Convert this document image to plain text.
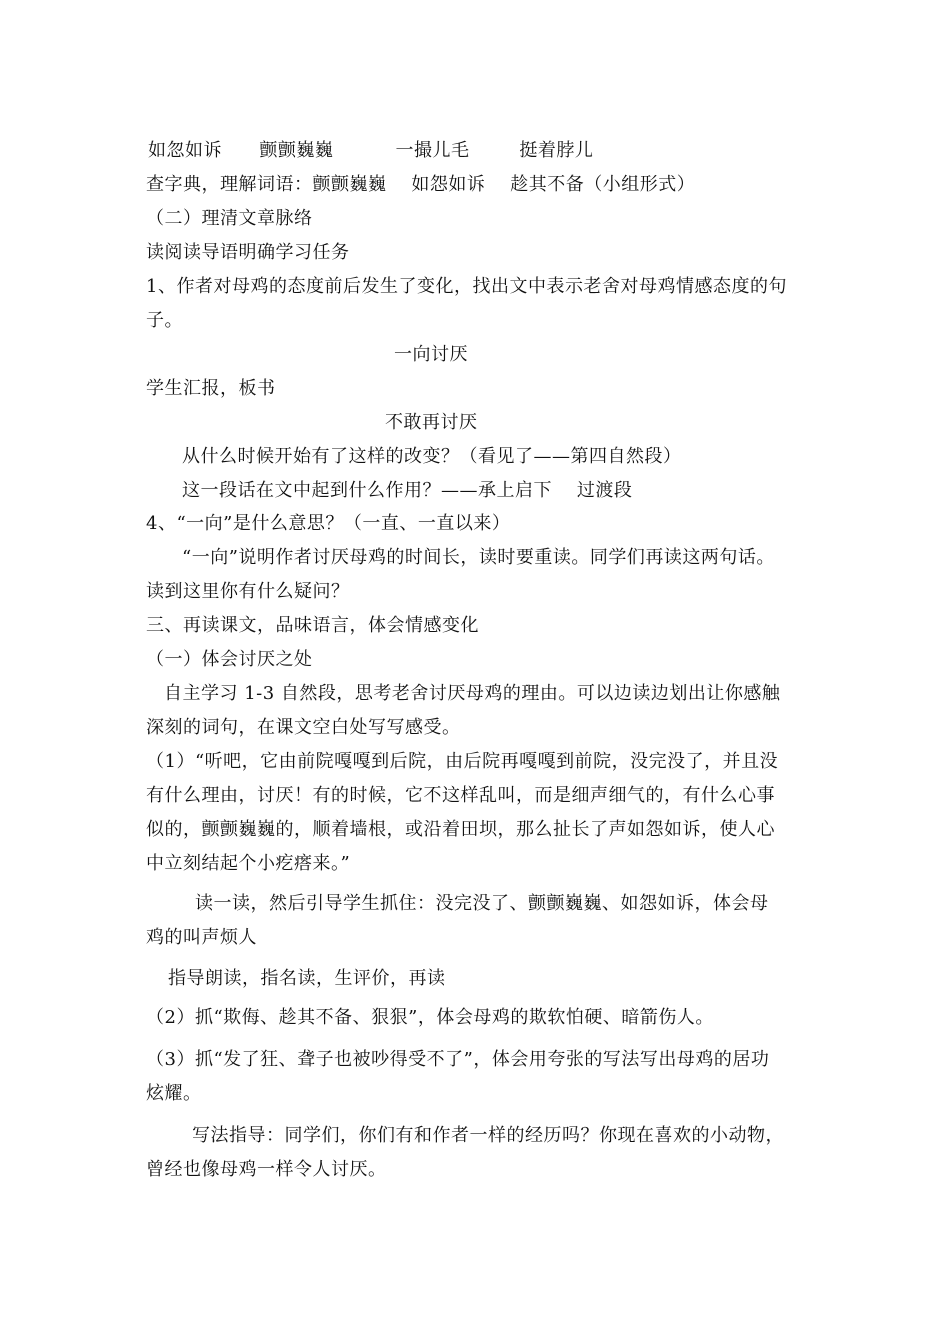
如忽如诉      颤颤巍巍          一撮儿毛        挺着脖儿
查字典，理解词语：颤颤巍巍    如怨如诉    趁其不备（小组形式）
（二）理清文章脉络
读阅读导语明确学习任务
1、作者对母鸡的态度前后发生了变化，找出文中表示老舍对母鸡情感态度的句
子。
一向讨厌
学生汇报，板书
不敢再讨厌
从什么时候开始有了这样的改变？（看见了——第四自然段）
这一段话在文中起到什么作用？——承上启下    过渡段
4、“一向”是什么意思？（一直、一直以来）
“一向”说明作者讨厌母鸡的时间长，读时要重读。同学们再读这两句话。
读到这里你有什么疑问？
三、再读课文，品味语言，体会情感变化
（一）体会讨厌之处
自主学习 1-3 自然段，思考老舍讨厌母鸡的理由。可以边读边划出让你感触
深刻的词句，在课文空白处写写感受。
（1）“听吧，它由前院嘎嘎到后院，由后院再嘎嘎到前院，没完没了，并且没
有什么理由，讨厌！有的时候，它不这样乱叫，而是细声细气的，有什么心事
似的，颤颤巍巍的，顺着墙根，或沿着田坝，那么扯长了声如怨如诉，使人心
中立刻结起个小疙瘩来。”
读一读，然后引导学生抓住：没完没了、颤颤巍巍、如怨如诉，体会母
鸡的叫声烦人
指导朗读，指名读，生评价，再读
（2）抓“欺侮、趁其不备、狠狠”，体会母鸡的欺软怕硬、暗箭伤人。
（3）抓“发了狂、聋子也被吵得受不了”，体会用夸张的写法写出母鸡的居功
炫耀。
写法指导：同学们，你们有和作者一样的经历吗？你现在喜欢的小动物，
曾经也像母鸡一样令人讨厌。
